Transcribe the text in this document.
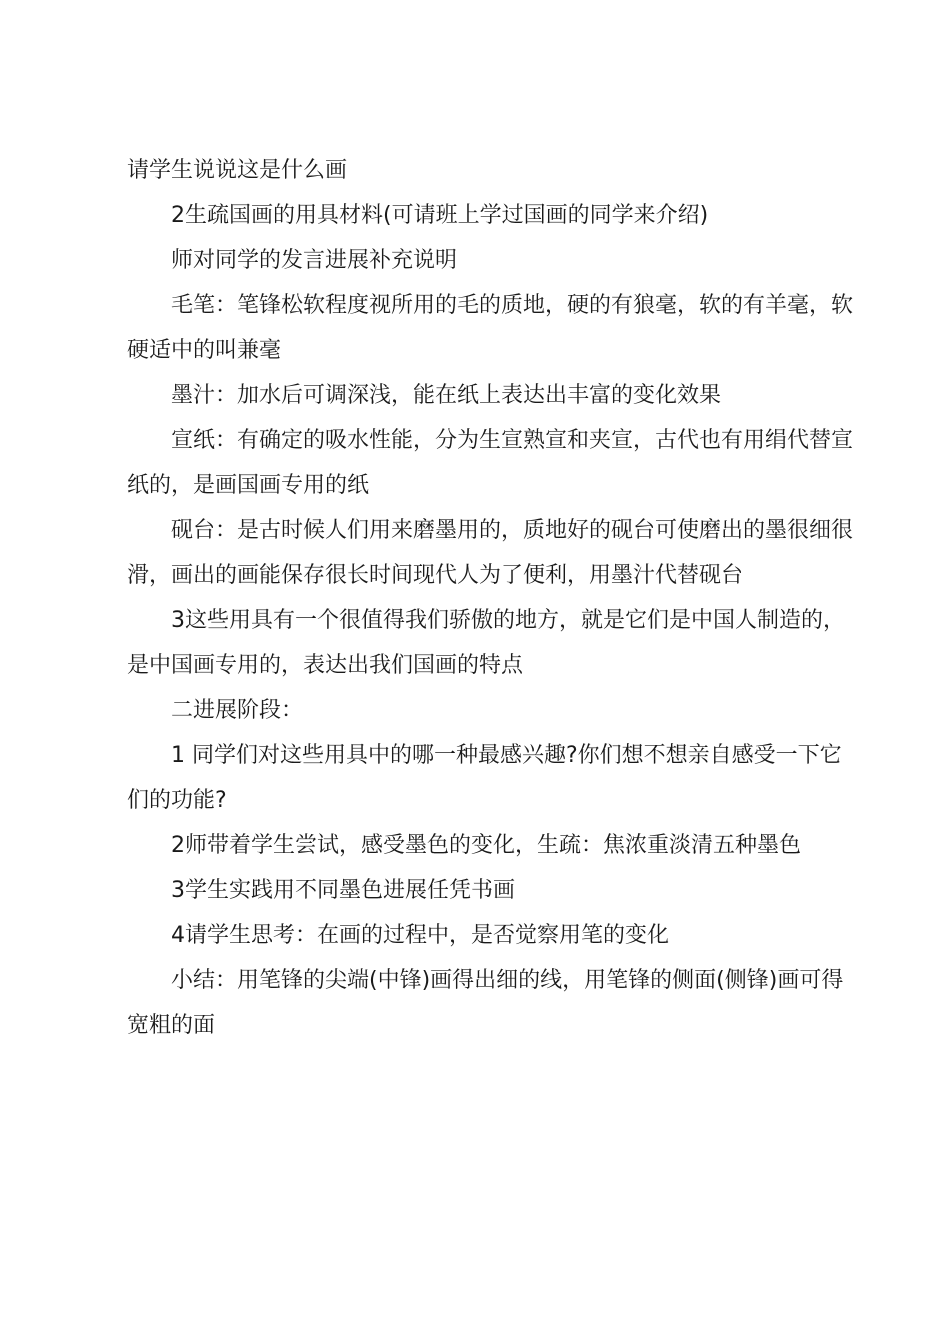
请学生说说这是什么画

2生疏国画的用具材料(可请班上学过国画的同学来介绍)

师对同学的发言进展补充说明

毛笔：笔锋松软程度视所用的毛的质地，硬的有狼毫，软的有羊毫，软硬适中的叫兼毫

墨汁：加水后可调深浅，能在纸上表达出丰富的变化效果

宣纸：有确定的吸水性能，分为生宣熟宣和夹宣，古代也有用绢代替宣纸的，是画国画专用的纸

砚台：是古时候人们用来磨墨用的，质地好的砚台可使磨出的墨很细很滑，画出的画能保存很长时间现代人为了便利，用墨汁代替砚台

3这些用具有一个很值得我们骄傲的地方，就是它们是中国人制造的，是中国画专用的，表达出我们国画的特点

二进展阶段：

1 同学们对这些用具中的哪一种最感兴趣?你们想不想亲自感受一下它们的功能?

2师带着学生尝试，感受墨色的变化，生疏：焦浓重淡清五种墨色

3学生实践用不同墨色进展任凭书画

4请学生思考：在画的过程中，是否觉察用笔的变化

小结：用笔锋的尖端(中锋)画得出细的线，用笔锋的侧面(侧锋)画可得宽粗的面
